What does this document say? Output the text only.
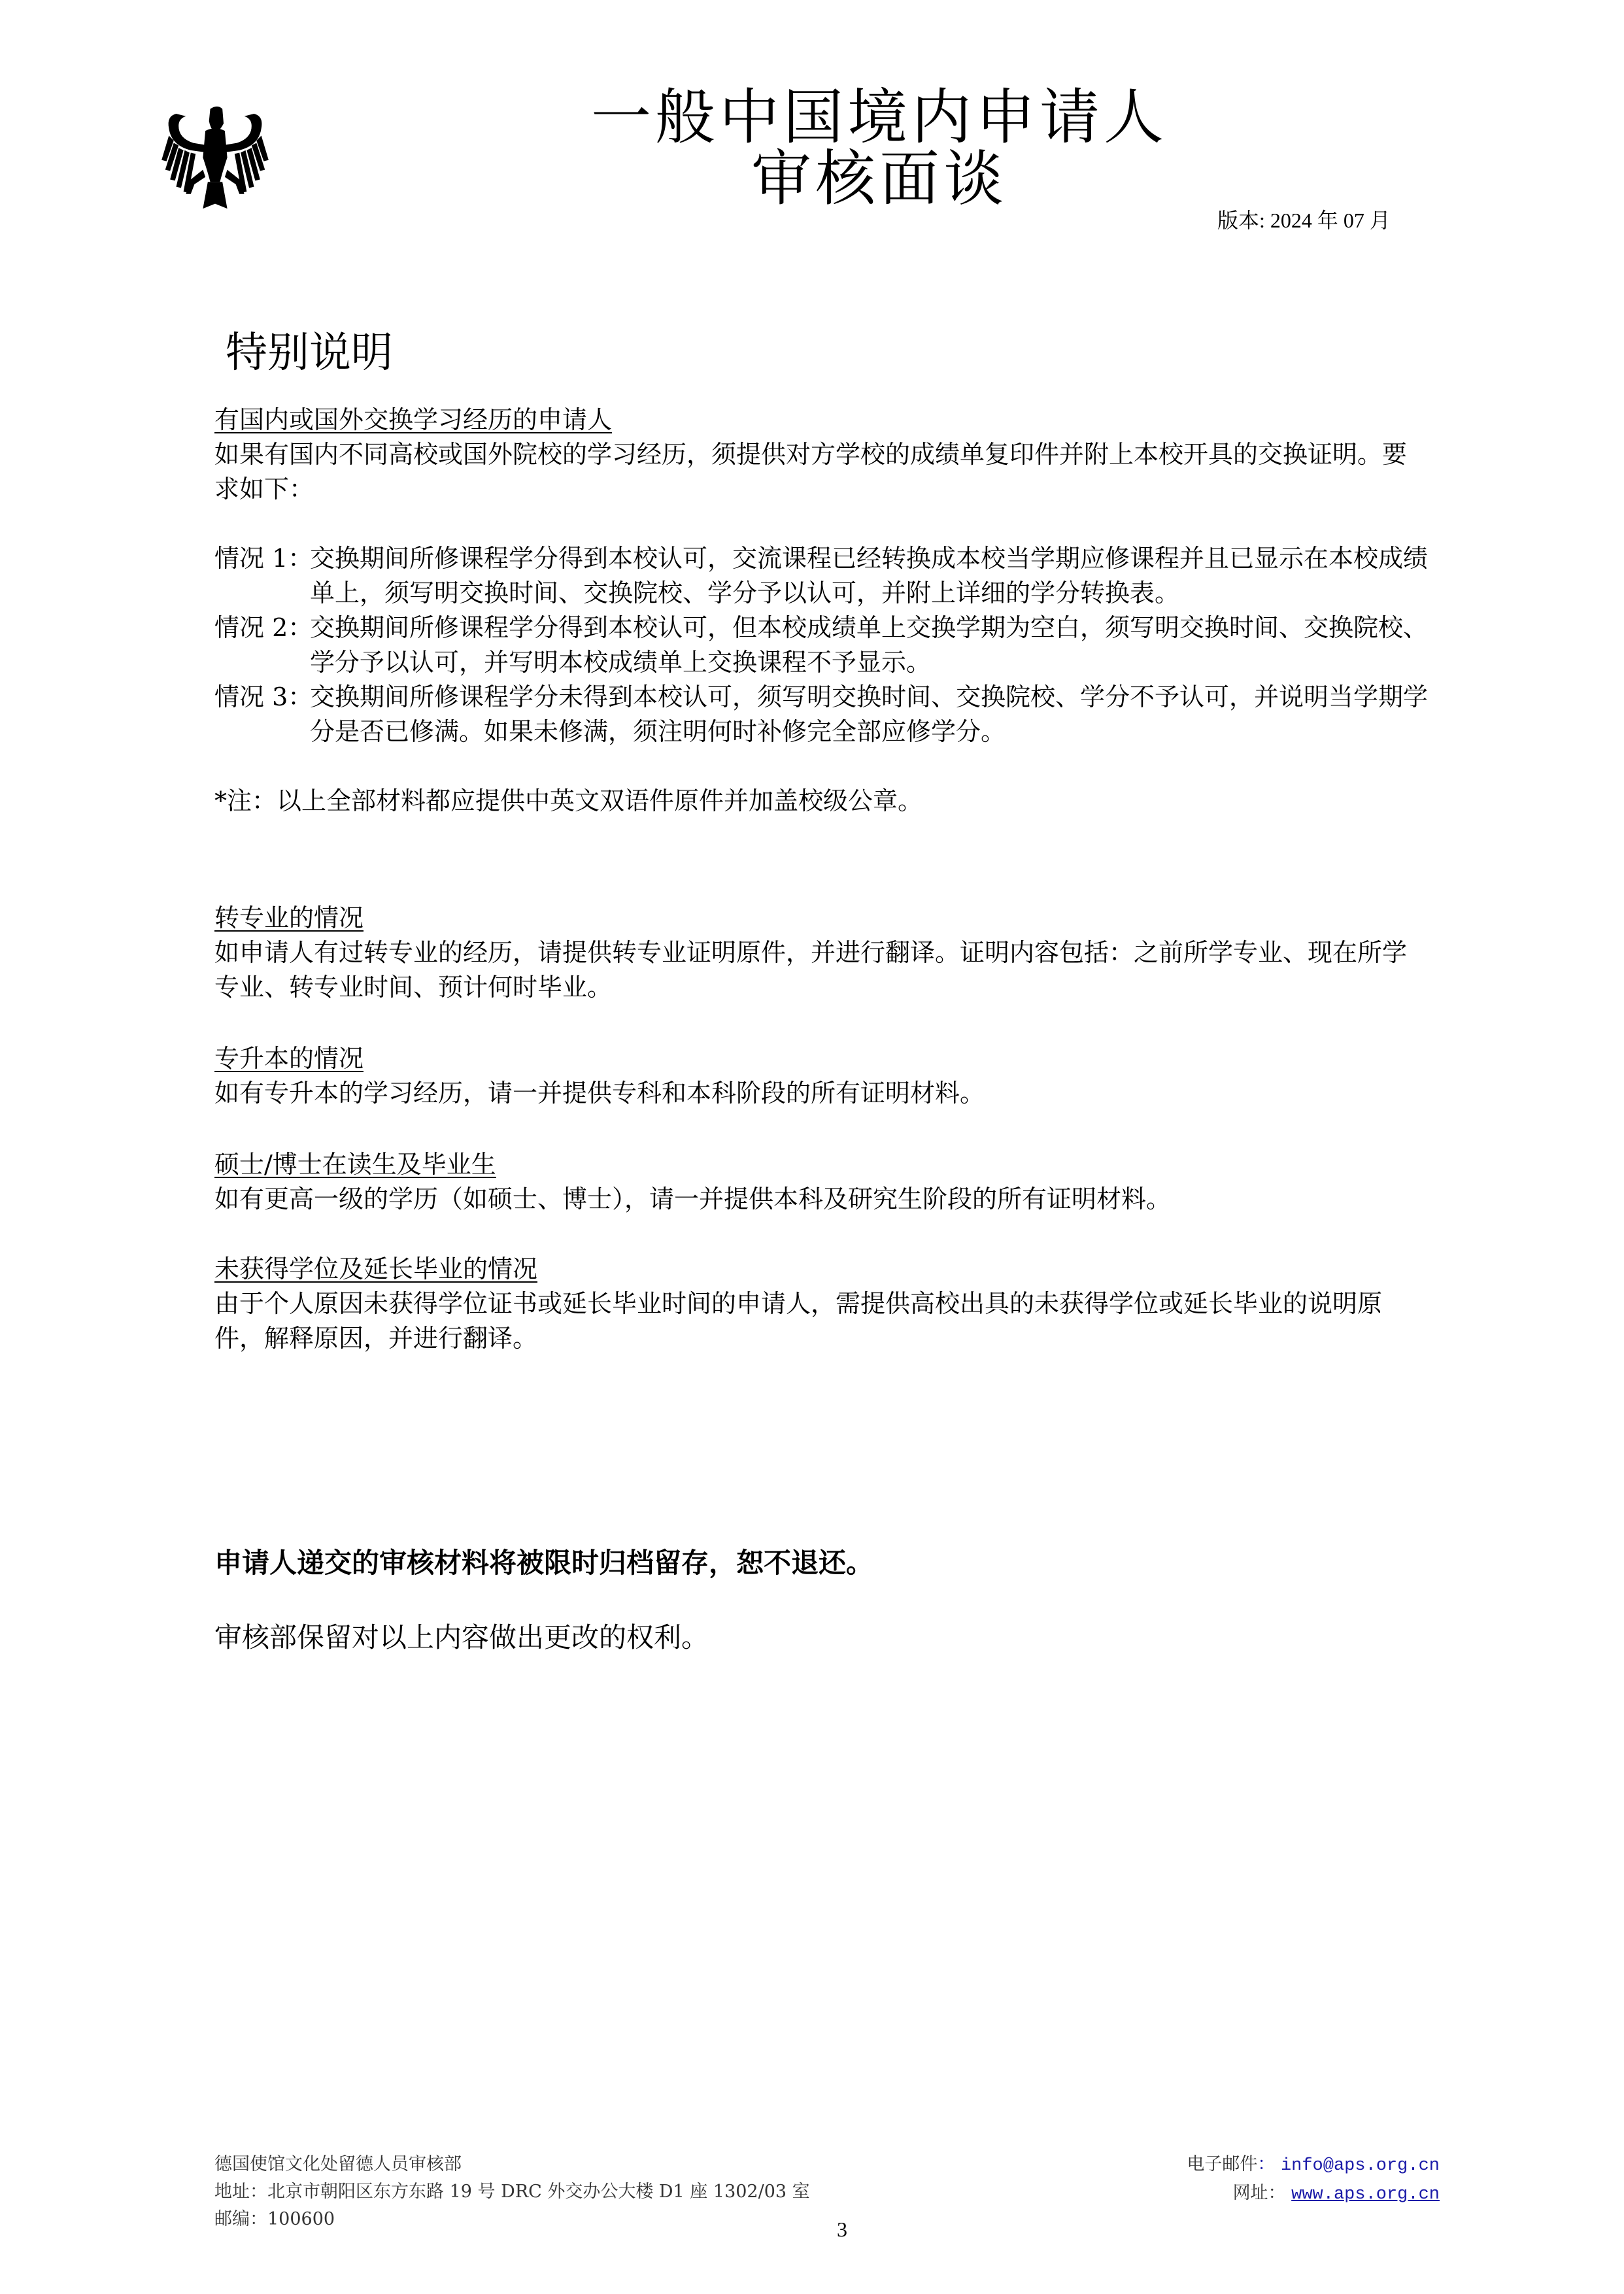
一般中国境内申请人
审核面谈
版本: 2024 年 07 月
特别说明
有国内或国外交换学习经历的申请人
如果有国内不同高校或国外院校的学习经历，须提供对方学校的成绩单复印件并附上本校开具的交换证明。要求如下：
情况 1：
交换期间所修课程学分得到本校认可，交流课程已经转换成本校当学期应修课程并且已显示在本校成绩单上，须写明交换时间、交换院校、学分予以认可，并附上详细的学分转换表。
情况 2：
交换期间所修课程学分得到本校认可，但本校成绩单上交换学期为空白，须写明交换时间、交换院校、学分予以认可，并写明本校成绩单上交换课程不予显示。
情况 3：
交换期间所修课程学分未得到本校认可，须写明交换时间、交换院校、学分不予认可，并说明当学期学分是否已修满。如果未修满，须注明何时补修完全部应修学分。
*注：以上全部材料都应提供中英文双语件原件并加盖校级公章。
转专业的情况
如申请人有过转专业的经历，请提供转专业证明原件，并进行翻译。证明内容包括：之前所学专业、现在所学专业、转专业时间、预计何时毕业。
专升本的情况
如有专升本的学习经历，请一并提供专科和本科阶段的所有证明材料。
硕士/博士在读生及毕业生
如有更高一级的学历（如硕士、博士），请一并提供本科及研究生阶段的所有证明材料。
未获得学位及延长毕业的情况
由于个人原因未获得学位证书或延长毕业时间的申请人，需提供高校出具的未获得学位或延长毕业的说明原件，解释原因，并进行翻译。
申请人递交的审核材料将被限时归档留存，恕不退还。
审核部保留对以上内容做出更改的权利。
德国使馆文化处留德人员审核部
地址：北京市朝阳区东方东路 19 号 DRC 外交办公大楼 D1 座 1302/03 室
邮编：100600
电子邮件： info@aps.org.cn
网址： www.aps.org.cn
3
